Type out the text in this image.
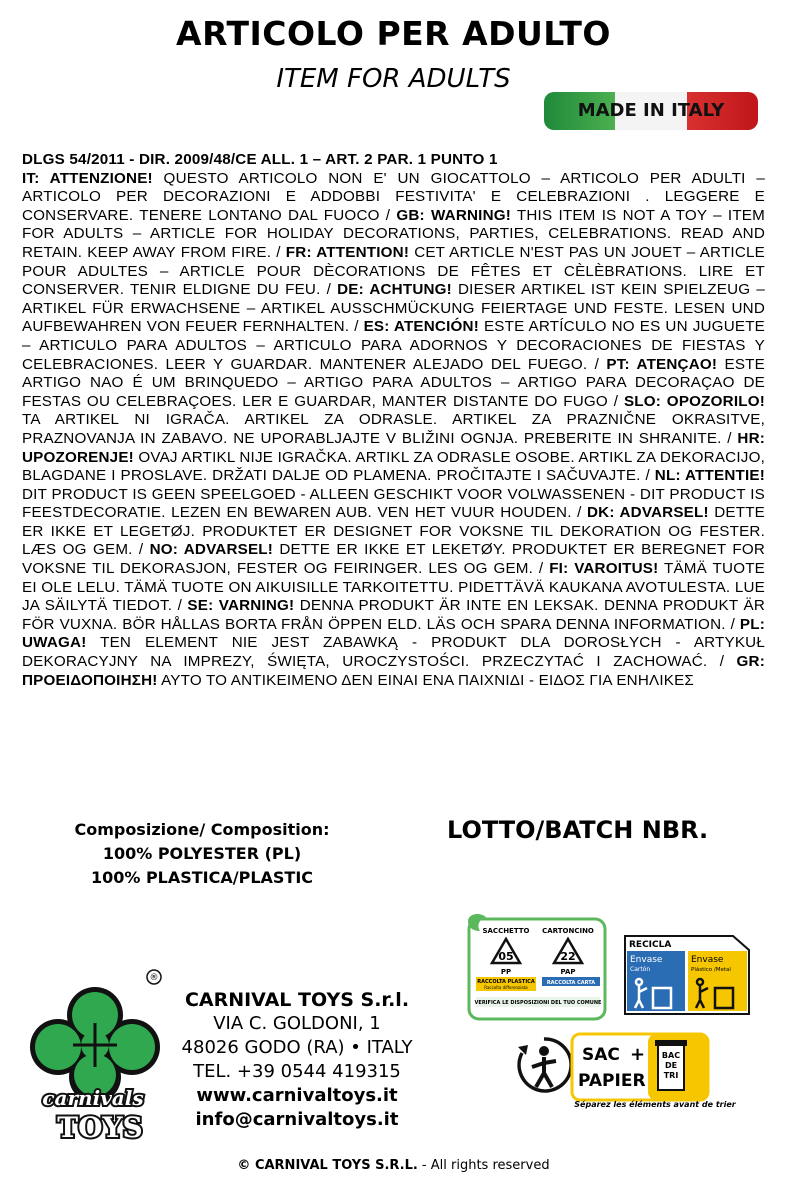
ARTICOLO PER ADULTO
ITEM FOR ADULTS
MADE IN ITALY
DLGS 54/2011 - DIR. 2009/48/CE ALL. 1 – ART. 2 PAR. 1 PUNTO 1
IT: ATTENZIONE! QUESTO ARTICOLO NON E' UN GIOCATTOLO – ARTICOLO PER ADULTI – ARTICOLO PER DECORAZIONI E ADDOBBI FESTIVITA' E CELEBRAZIONI . LEGGERE E CONSERVARE. TENERE LONTANO DAL FUOCO / GB: WARNING! THIS ITEM IS NOT A TOY – ITEM FOR ADULTS – ARTICLE FOR HOLIDAY DECORATIONS, PARTIES, CELEBRATIONS. READ AND RETAIN. KEEP AWAY FROM FIRE. / FR: ATTENTION! CET ARTICLE N'EST PAS UN JOUET – ARTICLE POUR ADULTES – ARTICLE POUR DÈCORATIONS DE FÊTES ET CÈLÈBRATIONS. LIRE ET CONSERVER. TENIR ELDIGNE DU FEU. / DE: ACHTUNG! DIESER ARTIKEL IST KEIN SPIELZEUG – ARTIKEL FÜR ERWACHSENE – ARTIKEL AUSSCHMÜCKUNG FEIERTAGE UND FESTE. LESEN UND AUFBEWAHREN VON FEUER FERNHALTEN. / ES: ATENCIÓN! ESTE ARTÍCULO NO ES UN JUGUETE – ARTICULO PARA ADULTOS – ARTICULO PARA ADORNOS Y DECORACIONES DE FIESTAS Y CELEBRACIONES. LEER Y GUARDAR. MANTENER ALEJADO DEL FUEGO. / PT: ATENÇAO! ESTE ARTIGO NAO É UM BRINQUEDO – ARTIGO PARA ADULTOS – ARTIGO PARA DECORAÇAO DE FESTAS OU CELEBRAÇOES. LER E GUARDAR, MANTER DISTANTE DO FUGO / SLO: OPOZORILO! TA ARTIKEL NI IGRAČA. ARTIKEL ZA ODRASLE. ARTIKEL ZA PRAZNIČNE OKRASITVE, PRAZNOVANJA IN ZABAVO. NE UPORABLJAJTE V BLIŽINI OGNJA. PREBERITE IN SHRANITE. / HR: UPOZORENJE! OVAJ ARTIKL NIJE IGRAČKA. ARTIKL ZA ODRASLE OSOBE. ARTIKL ZA DEKORACIJO, BLAGDANE I PROSLAVE. DRŽATI DALJE OD PLAMENA. PROČITAJTE I SAČUVAJTE. / NL: ATTENTIE! DIT PRODUCT IS GEEN SPEELGOED - ALLEEN GESCHIKT VOOR VOLWASSENEN - DIT PRODUCT IS FEESTDECORATIE. LEZEN EN BEWAREN AUB. VEN HET VUUR HOUDEN. / DK: ADVARSEL! DETTE ER IKKE ET LEGETØJ. PRODUKTET ER DESIGNET FOR VOKSNE TIL DEKORATION OG FESTER. LÆS OG GEM. / NO: ADVARSEL! DETTE ER IKKE ET LEKETØY. PRODUKTET ER BEREGNET FOR VOKSNE TIL DEKORASJON, FESTER OG FEIRINGER. LES OG GEM. / FI: VAROITUS! TÄMÄ TUOTE EI OLE LELU. TÄMÄ TUOTE ON AIKUISILLE TARKOITETTU. PIDETTÄVÄ KAUKANA AVOTULESTA. LUE JA SÄILYTÄ TIEDOT. / SE: VARNING! DENNA PRODUKT ÄR INTE EN LEKSAK. DENNA PRODUKT ÄR FÖR VUXNA. BÖR HÅLLAS BORTA FRÅN ÖPPEN ELD. LÄS OCH SPARA DENNA INFORMATION. / PL: UWAGA! TEN ELEMENT NIE JEST ZABAWKĄ - PRODUKT DLA DOROSŁYCH - ARTYKUŁ DEKORACYJNY NA IMPREZY, ŚWIĘTA, UROCZYSTOŚCI. PRZECZYTAĆ I ZACHOWAĆ. / GR: ΠΡΟΕΙΔΟΠΟΙΗΣΗ! ΑΥΤΟ ΤΟ ΑΝΤΙΚΕΙΜΕΝΟ ΔΕΝ ΕΙΝΑΙ ΕΝΑ ΠΑΙΧΝΙΔΙ - ΕΙΔΟΣ ΓΙΑ ΕΝΗΛΙΚΕΣ
Composizione/ Composition:
100% POLYESTER (PL)
100% PLASTICA/PLASTIC
LOTTO/BATCH NBR.
®
carnivals
TOYS
CARNIVAL TOYS S.r.l.
VIA C. GOLDONI, 1
48026 GODO (RA) • ITALY
TEL. +39 0544 419315
www.carnivaltoys.it
info@carnivaltoys.it
SACCHETTO CARTONCINO
05	22
PP	PAP
RACCOLTA PLASTICA
Raccolta differenziata
RACCOLTA CARTA
VERIFICA LE DISPOSIZIONI DEL TUO COMUNE
RECICLA
Envase
Cartón
Envase
Plástico /Metal
SAC +
PAPIER
BAC
DE
TRI
Séparez les éléments avant de trier
© CARNIVAL TOYS S.R.L. - All rights reserved
